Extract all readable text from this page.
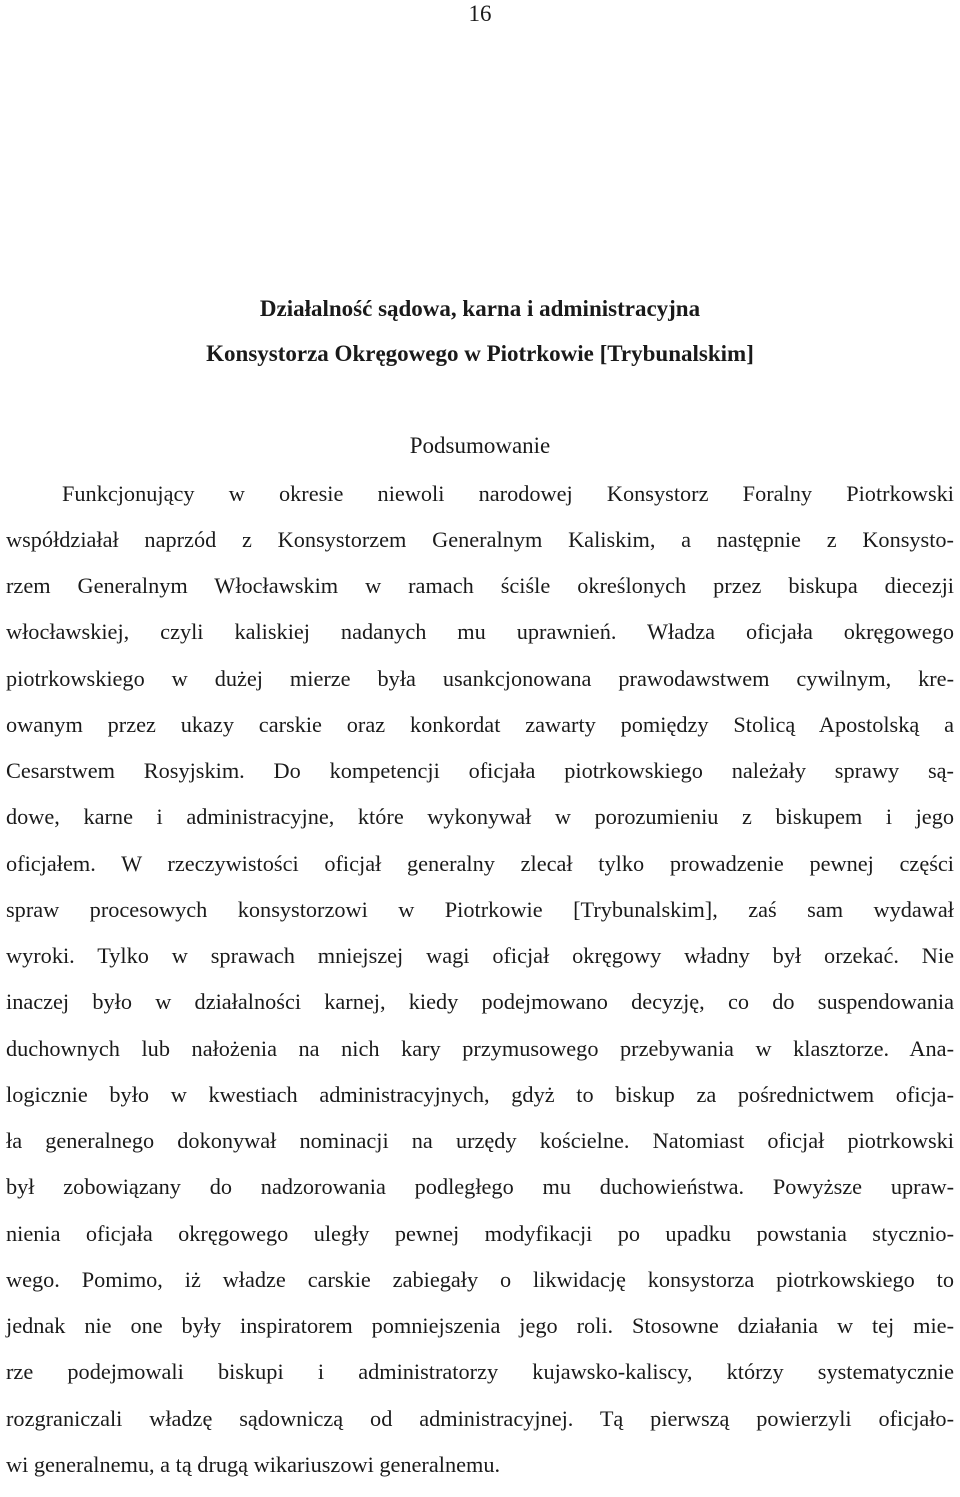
16
Działalność sądowa, karna i administracyjna
Konsystorza Okręgowego w Piotrkowie [Trybunalskim]
Podsumowanie
Funkcjonujący w okresie niewoli narodowej Konsystorz Foralny Piotrkowski
współdziałał naprzód z Konsystorzem Generalnym Kaliskim, a następnie z Konsysto-
rzem Generalnym Włocławskim w ramach ściśle określonych przez biskupa diecezji
włocławskiej, czyli kaliskiej nadanych mu uprawnień. Władza oficjała okręgowego
piotrkowskiego w dużej mierze była usankcjonowana prawodawstwem cywilnym, kre-
owanym przez ukazy carskie oraz konkordat zawarty pomiędzy Stolicą Apostolską a
Cesarstwem Rosyjskim. Do kompetencji oficjała piotrkowskiego należały sprawy są-
dowe, karne i administracyjne, które wykonywał w porozumieniu z biskupem i jego
oficjałem. W rzeczywistości oficjał generalny zlecał tylko prowadzenie pewnej części
spraw procesowych konsystorzowi w Piotrkowie [Trybunalskim], zaś sam wydawał
wyroki. Tylko w sprawach mniejszej wagi oficjał okręgowy władny był orzekać. Nie
inaczej było w działalności karnej, kiedy podejmowano decyzję, co do suspendowania
duchownych lub nałożenia na nich kary przymusowego przebywania w klasztorze. Ana-
logicznie było w kwestiach administracyjnych, gdyż to biskup za pośrednictwem oficja-
ła generalnego dokonywał nominacji na urzędy kościelne. Natomiast oficjał piotrkowski
był zobowiązany do nadzorowania podległego mu duchowieństwa. Powyższe upraw-
nienia oficjała okręgowego uległy pewnej modyfikacji po upadku powstania stycznio-
wego. Pomimo, iż władze carskie zabiegały o likwidację konsystorza piotrkowskiego to
jednak nie one były inspiratorem pomniejszenia jego roli. Stosowne działania w tej mie-
rze podejmowali biskupi i administratorzy kujawsko-kaliscy, którzy systematycznie
rozgraniczali władzę sądowniczą od administracyjnej. Tą pierwszą powierzyli oficjało-
wi generalnemu, a tą drugą wikariuszowi generalnemu.
